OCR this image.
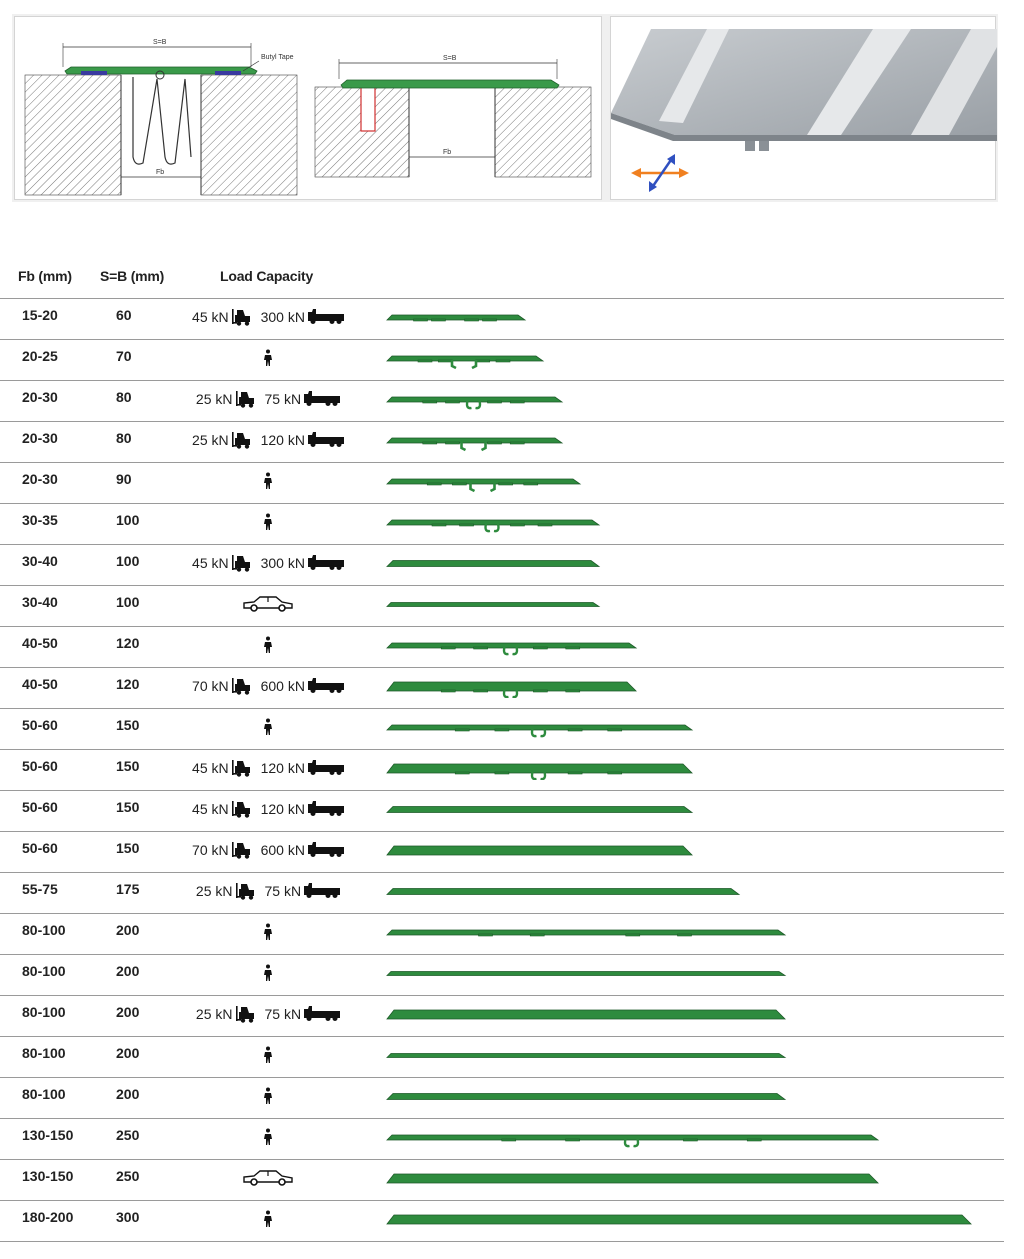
S=B
Butyl Tape
Fb
S=B
Fb
Fb (mm) S=B (mm)	Load Capacity
15-20	60	45 kN 300 kN
20-25	70
20-30	80	25 kN 75 kN
20-30	80	25 kN 120 kN
20-30	90
30-35	100
30-40	100	45 kN 300 kN
30-40	100
40-50	120
40-50	120	70 kN 600 kN
50-60	150
50-60	150	45 kN 120 kN
50-60	150	45 kN 120 kN
50-60	150	70 kN 600 kN
55-75	175	25 kN 75 kN
80-100	200
80-100	200
80-100	200	25 kN 75 kN
80-100	200
80-100	200
130-150	250
130-150	250
180-200	300
